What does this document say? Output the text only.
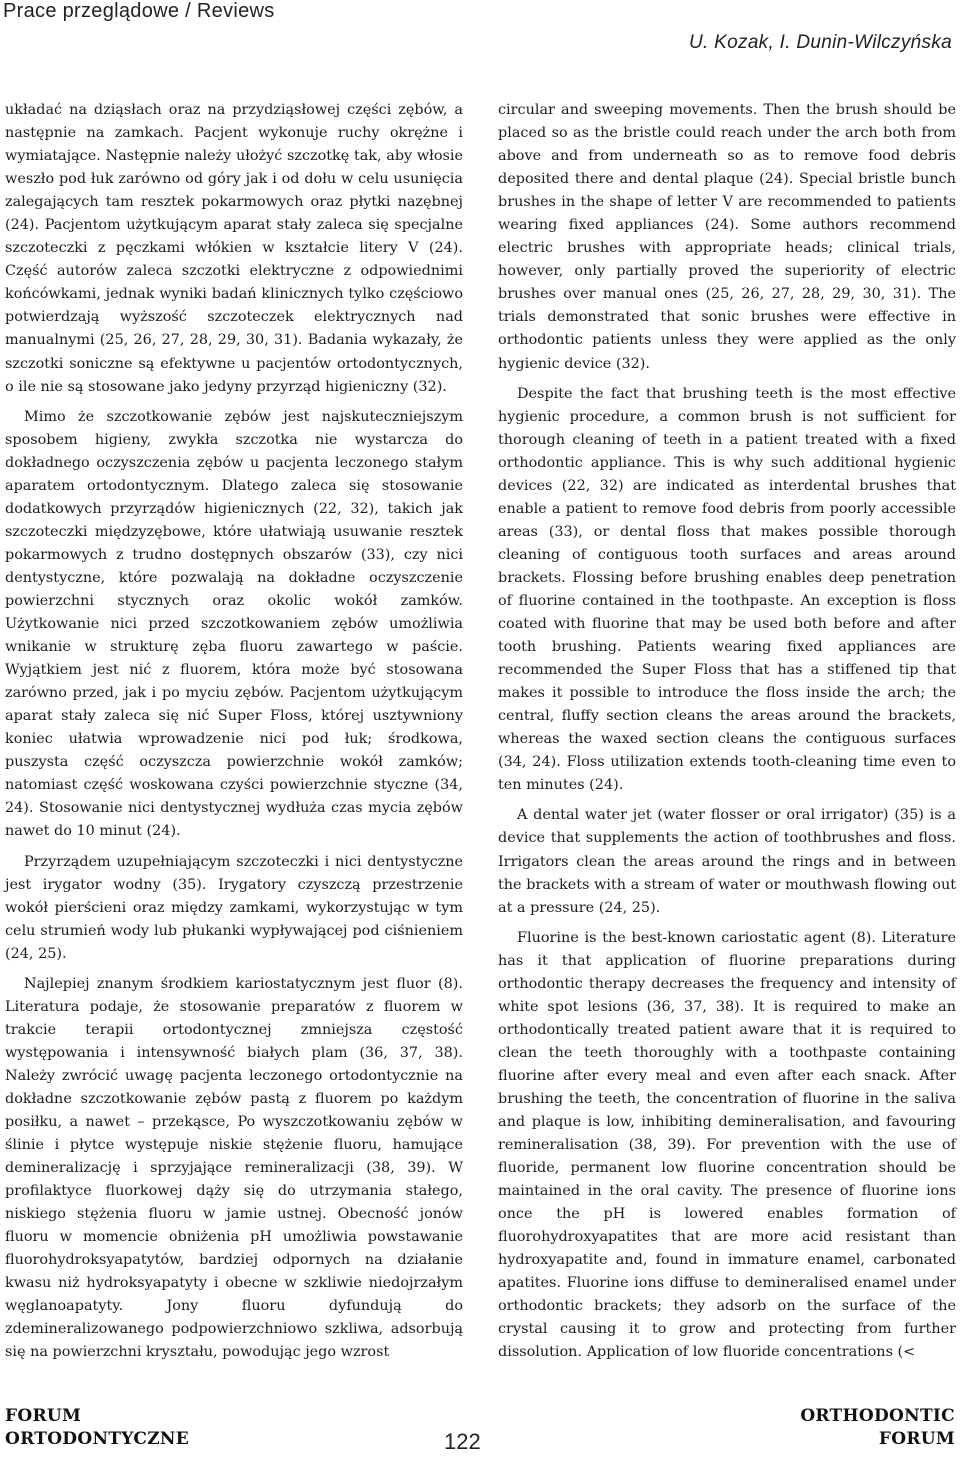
Prace przeglądowe / Reviews
U. Kozak, I. Dunin-Wilczyńska

układać na dziąsłach oraz na przydziąsłowej części zębów, a następnie na zamkach. Pacjent wykonuje ruchy okrężne i wymiatające. Następnie należy ułożyć szczotkę tak, aby włosie weszło pod łuk zarówno od góry jak i od dołu w celu usunięcia zalegających tam resztek pokarmowych oraz płytki nazębnej (24). Pacjentom użytkującym aparat stały zaleca się specjalne szczoteczki z pęczkami włókien w kształcie litery V (24). Część autorów zaleca szczotki elektryczne z odpowiednimi końcówkami, jednak wyniki badań klinicznych tylko częściowo potwierdzają wyższość szczoteczek elektrycznych nad manualnymi (25, 26, 27, 28, 29, 30, 31). Badania wykazały, że szczotki soniczne są efektywne u pacjentów ortodontycznych, o ile nie są stosowane jako jedyny przyrząd higieniczny (32).

Mimo że szczotkowanie zębów jest najskuteczniejszym sposobem higieny, zwykła szczotka nie wystarcza do dokładnego oczyszczenia zębów u pacjenta leczonego stałym aparatem ortodontycznym. Dlatego zaleca się stosowanie dodatkowych przyrządów higienicznych (22, 32), takich jak szczoteczki międzyzębowe, które ułatwiają usuwanie resztek pokarmowych z trudno dostępnych obszarów (33), czy nici dentystyczne, które pozwalają na dokładne oczyszczenie powierzchni stycznych oraz okolic wokół zamków. Użytkowanie nici przed szczotkowaniem zębów umożliwia wnikanie w strukturę zęba fluoru zawartego w paście. Wyjątkiem jest nić z fluorem, która może być stosowana zarówno przed, jak i po myciu zębów. Pacjentom użytkującym aparat stały zaleca się nić Super Floss, której usztywniony koniec ułatwia wprowadzenie nici pod łuk; środkowa, puszysta część oczyszcza powierzchnie wokół zamków; natomiast część woskowana czyści powierzchnie styczne (34, 24). Stosowanie nici dentystycznej wydłuża czas mycia zębów nawet do 10 minut (24).

Przyrządem uzupełniającym szczoteczki i nici dentystyczne jest irygator wodny (35). Irygatory czyszczą przestrzenie wokół pierścieni oraz między zamkami, wykorzystując w tym celu strumień wody lub płukanki wypływającej pod ciśnieniem (24, 25).

Najlepiej znanym środkiem kariostatycznym jest fluor (8). Literatura podaje, że stosowanie preparatów z fluorem w trakcie terapii ortodontycznej zmniejsza częstość występowania i intensywność białych plam (36, 37, 38). Należy zwrócić uwagę pacjenta leczonego ortodontycznie na dokładne szczotkowanie zębów pastą z fluorem po każdym posiłku, a nawet – przekąsce, Po wyszczotkowaniu zębów w ślinie i płytce występuje niskie stężenie fluoru, hamujące demineralizację i sprzyjające remineralizacji (38, 39). W profilaktyce fluorkowej dąży się do utrzymania stałego, niskiego stężenia fluoru w jamie ustnej. Obecność jonów fluoru w momencie obniżenia pH umożliwia powstawanie fluorohydroksyapatytów, bardziej odpornych na działanie kwasu niż hydroksyapatyty i obecne w szkliwie niedojrzałym węglanoapatyty. Jony fluoru dyfundują do zdemineralizowanego podpowierzchniowo szkliwa, adsorbują się na powierzchni kryształu, powodując jego wzrost

circular and sweeping movements. Then the brush should be placed so as the bristle could reach under the arch both from above and from underneath so as to remove food debris deposited there and dental plaque (24). Special bristle bunch brushes in the shape of letter V are recommended to patients wearing fixed appliances (24). Some authors recommend electric brushes with appropriate heads; clinical trials, however, only partially proved the superiority of electric brushes over manual ones (25, 26, 27, 28, 29, 30, 31). The trials demonstrated that sonic brushes were effective in orthodontic patients unless they were applied as the only hygienic device (32).

Despite the fact that brushing teeth is the most effective hygienic procedure, a common brush is not sufficient for thorough cleaning of teeth in a patient treated with a fixed orthodontic appliance. This is why such additional hygienic devices (22, 32) are indicated as interdental brushes that enable a patient to remove food debris from poorly accessible areas (33), or dental floss that makes possible thorough cleaning of contiguous tooth surfaces and areas around brackets. Flossing before brushing enables deep penetration of fluorine contained in the toothpaste. An exception is floss coated with fluorine that may be used both before and after tooth brushing. Patients wearing fixed appliances are recommended the Super Floss that has a stiffened tip that makes it possible to introduce the floss inside the arch; the central, fluffy section cleans the areas around the brackets, whereas the waxed section cleans the contiguous surfaces (34, 24). Floss utilization extends tooth-cleaning time even to ten minutes (24).

A dental water jet (water flosser or oral irrigator) (35) is a device that supplements the action of toothbrushes and floss. Irrigators clean the areas around the rings and in between the brackets with a stream of water or mouthwash flowing out at a pressure (24, 25).

Fluorine is the best-known cariostatic agent (8). Literature has it that application of fluorine preparations during orthodontic therapy decreases the frequency and intensity of white spot lesions (36, 37, 38). It is required to make an orthodontically treated patient aware that it is required to clean the teeth thoroughly with a toothpaste containing fluorine after every meal and even after each snack. After brushing the teeth, the concentration of fluorine in the saliva and plaque is low, inhibiting demineralisation, and favouring remineralisation (38, 39). For prevention with the use of fluoride, permanent low fluorine concentration should be maintained in the oral cavity. The presence of fluorine ions once the pH is lowered enables formation of fluorohydroxyapatites that are more acid resistant than hydroxyapatite and, found in immature enamel, carbonated apatites. Fluorine ions diffuse to demineralised enamel under orthodontic brackets; they adsorb on the surface of the crystal causing it to grow and protecting from further dissolution. Application of low fluoride concentrations (<

FORUM
ORTODONTYCZNE	122
ORTHODONTIC
FORUM
